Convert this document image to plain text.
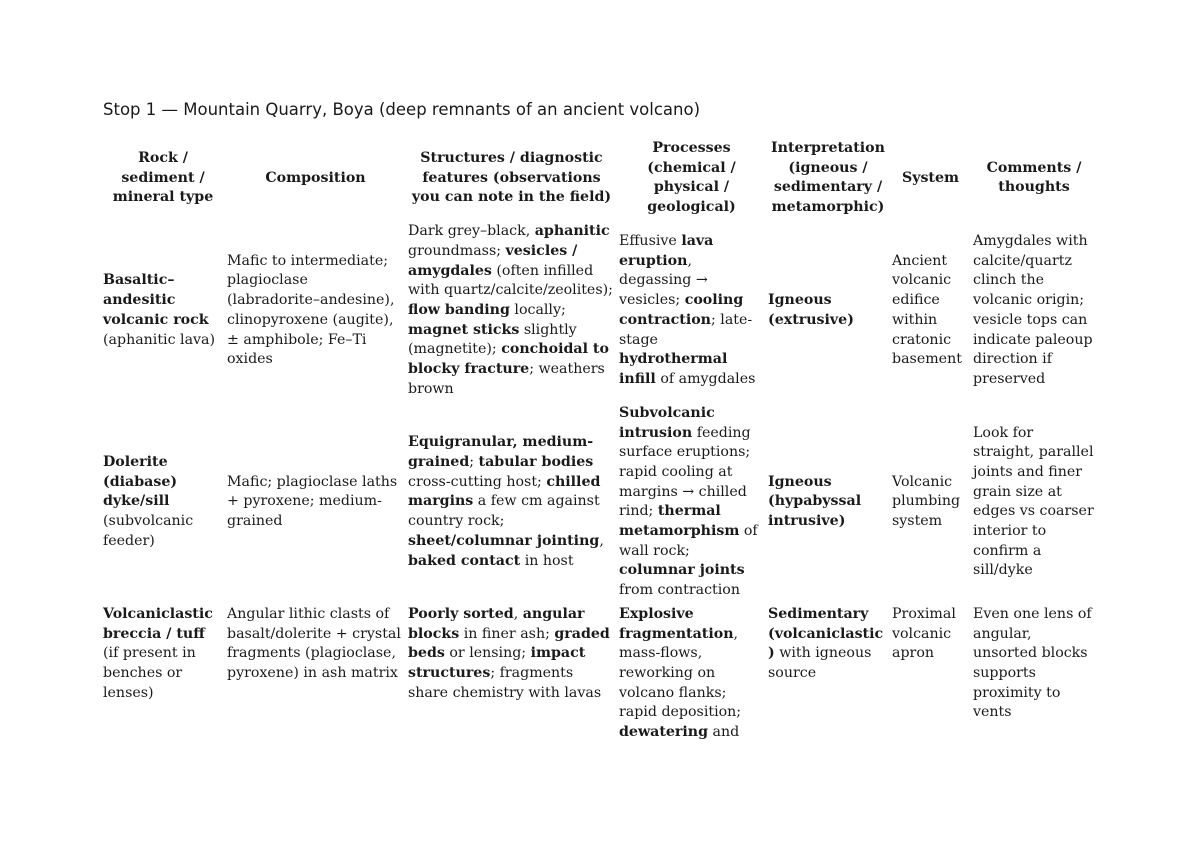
Stop 1 — Mountain Quarry, Boya (deep remnants of an ancient volcano)
Rock / sediment / mineral type	Composition	Structures / diagnostic features (observations you can note in the field)	Processes (chemical / physical / geological)	Interpretation (igneous / sedimentary / metamorphic)	System	Comments / thoughts
Basaltic– andesitic volcanic rock (aphanitic lava)	Mafic to intermediate; plagioclase (labradorite–andesine), clinopyroxene (augite), ± amphibole; Fe–Ti oxides	Dark grey–black, aphanitic groundmass; vesicles / amygdales (often infilled with quartz/calcite/zeolites); flow banding locally; magnet sticks slightly (magnetite); conchoidal to blocky fracture; weathers brown	Effusive lava eruption, degassing → vesicles; cooling contraction; late-stage hydrothermal infill of amygdales	Igneous (extrusive)	Ancient volcanic edifice within cratonic basement	Amygdales with calcite/quartz clinch the volcanic origin; vesicle tops can indicate paleoup direction if preserved
Dolerite (diabase) dyke/sill (subvolcanic feeder)	Mafic; plagioclase laths + pyroxene; medium-grained	Equigranular, medium-grained; tabular bodies cross-cutting host; chilled margins a few cm against country rock; sheet/columnar jointing, baked contact in host	Subvolcanic intrusion feeding surface eruptions; rapid cooling at margins → chilled rind; thermal metamorphism of wall rock; columnar joints from contraction	Igneous (hypabyssal intrusive)	Volcanic plumbing system	Look for straight, parallel joints and finer grain size at edges vs coarser interior to confirm a sill/dyke
Volcaniclastic breccia / tuff (if present in benches or lenses)	Angular lithic clasts of basalt/dolerite + crystal fragments (plagioclase, pyroxene) in ash matrix	Poorly sorted, angular blocks in finer ash; graded beds or lensing; impact structures; fragments share chemistry with lavas	Explosive fragmentation, mass-flows, reworking on volcano flanks; rapid deposition; dewatering and	Sedimentary (volcaniclastic) with igneous source	Proximal volcanic apron	Even one lens of angular, unsorted blocks supports proximity to vents
